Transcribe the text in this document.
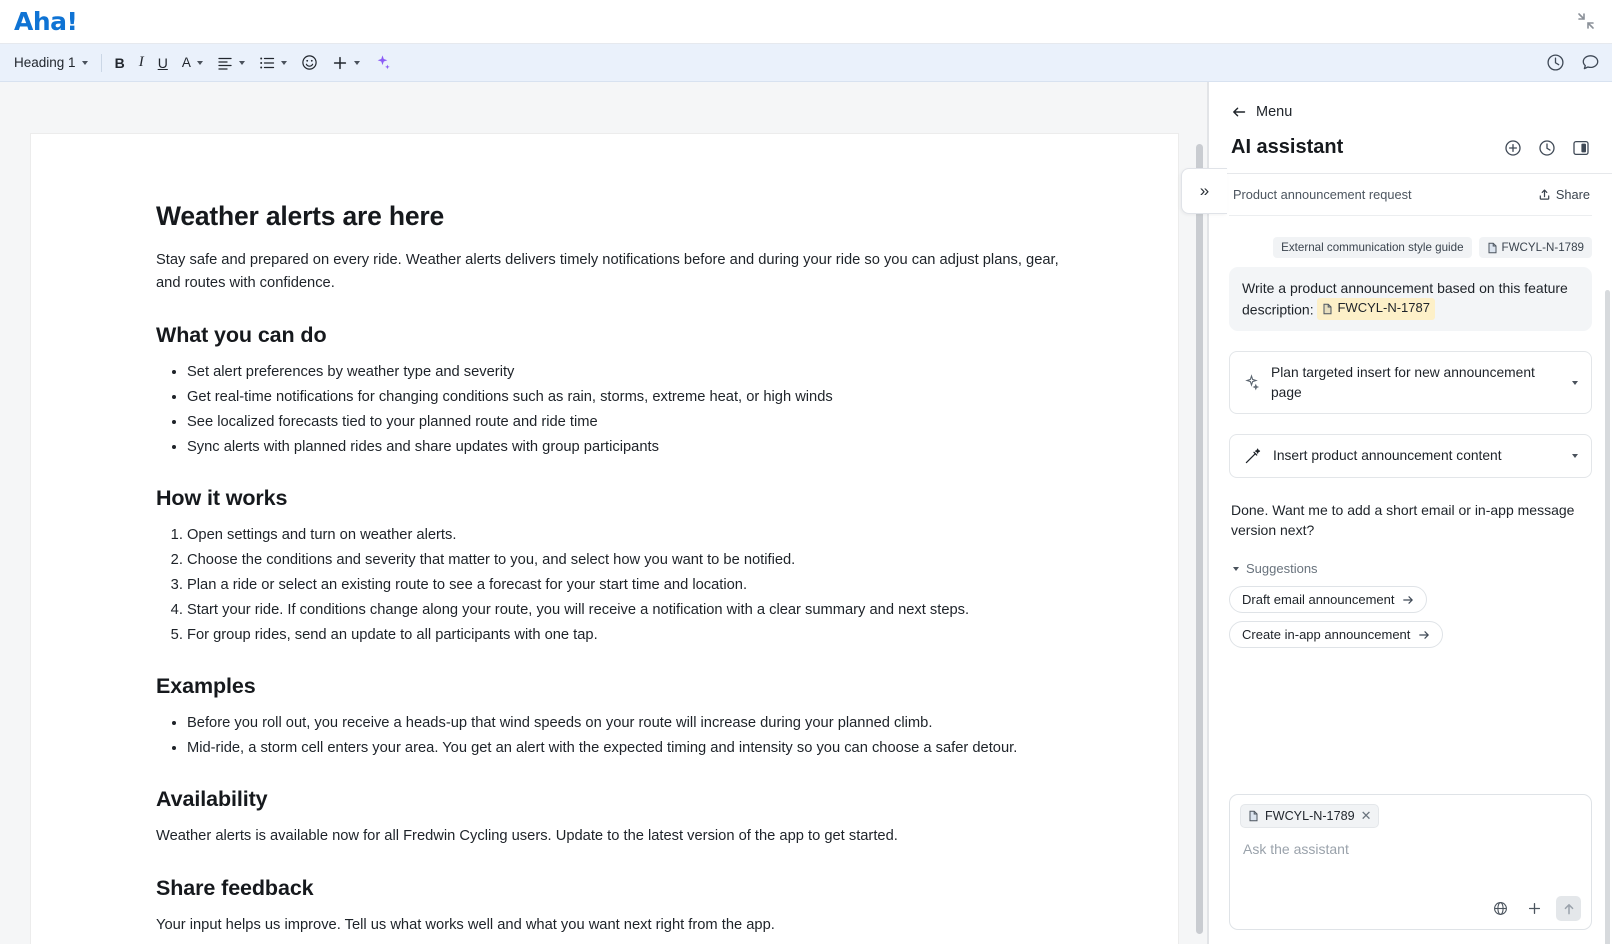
Aha!
Heading 1	B I	U	A
Weather alerts are here

Stay safe and prepared on every ride. Weather alerts delivers timely notifications before and during your ride so you can adjust plans, gear, and routes with confidence.

What you can do
• Set alert preferences by weather type and severity
• Get real-time notifications for changing conditions such as rain, storms, extreme heat, or high winds
• See localized forecasts tied to your planned route and ride time
• Sync alerts with planned rides and share updates with group participants
How it works
1. Open settings and turn on weather alerts.
2. Choose the conditions and severity that matter to you, and select how you want to be notified.
3. Plan a ride or select an existing route to see a forecast for your start time and location.
4. Start your ride. If conditions change along your route, you will receive a notification with a clear summary and next steps.
5. For group rides, send an update to all participants with one tap.
Examples
• Before you roll out, you receive a heads-up that wind speeds on your route will increase during your planned climb.
• Mid-ride, a storm cell enters your area. You get an alert with the expected timing and intensity so you can choose a safer detour.
Availability

Weather alerts is available now for all Fredwin Cycling users. Update to the latest version of the app to get started.

Share feedback

Your input helps us improve. Tell us what works well and what you want next right from the app.

»
Menu
AI assistant
Product announcement request	Share
External communication style guide	FWCYL-N-1789
Write a product announcement based on this feature description: FWCYL-N-1787
Plan targeted insert for new announcement page
Insert product announcement content
Done. Want me to add a short email or in-app message version next?
Suggestions
Draft email announcement
Create in-app announcement
FWCYL-N-1789 ✕
Ask the assistant
